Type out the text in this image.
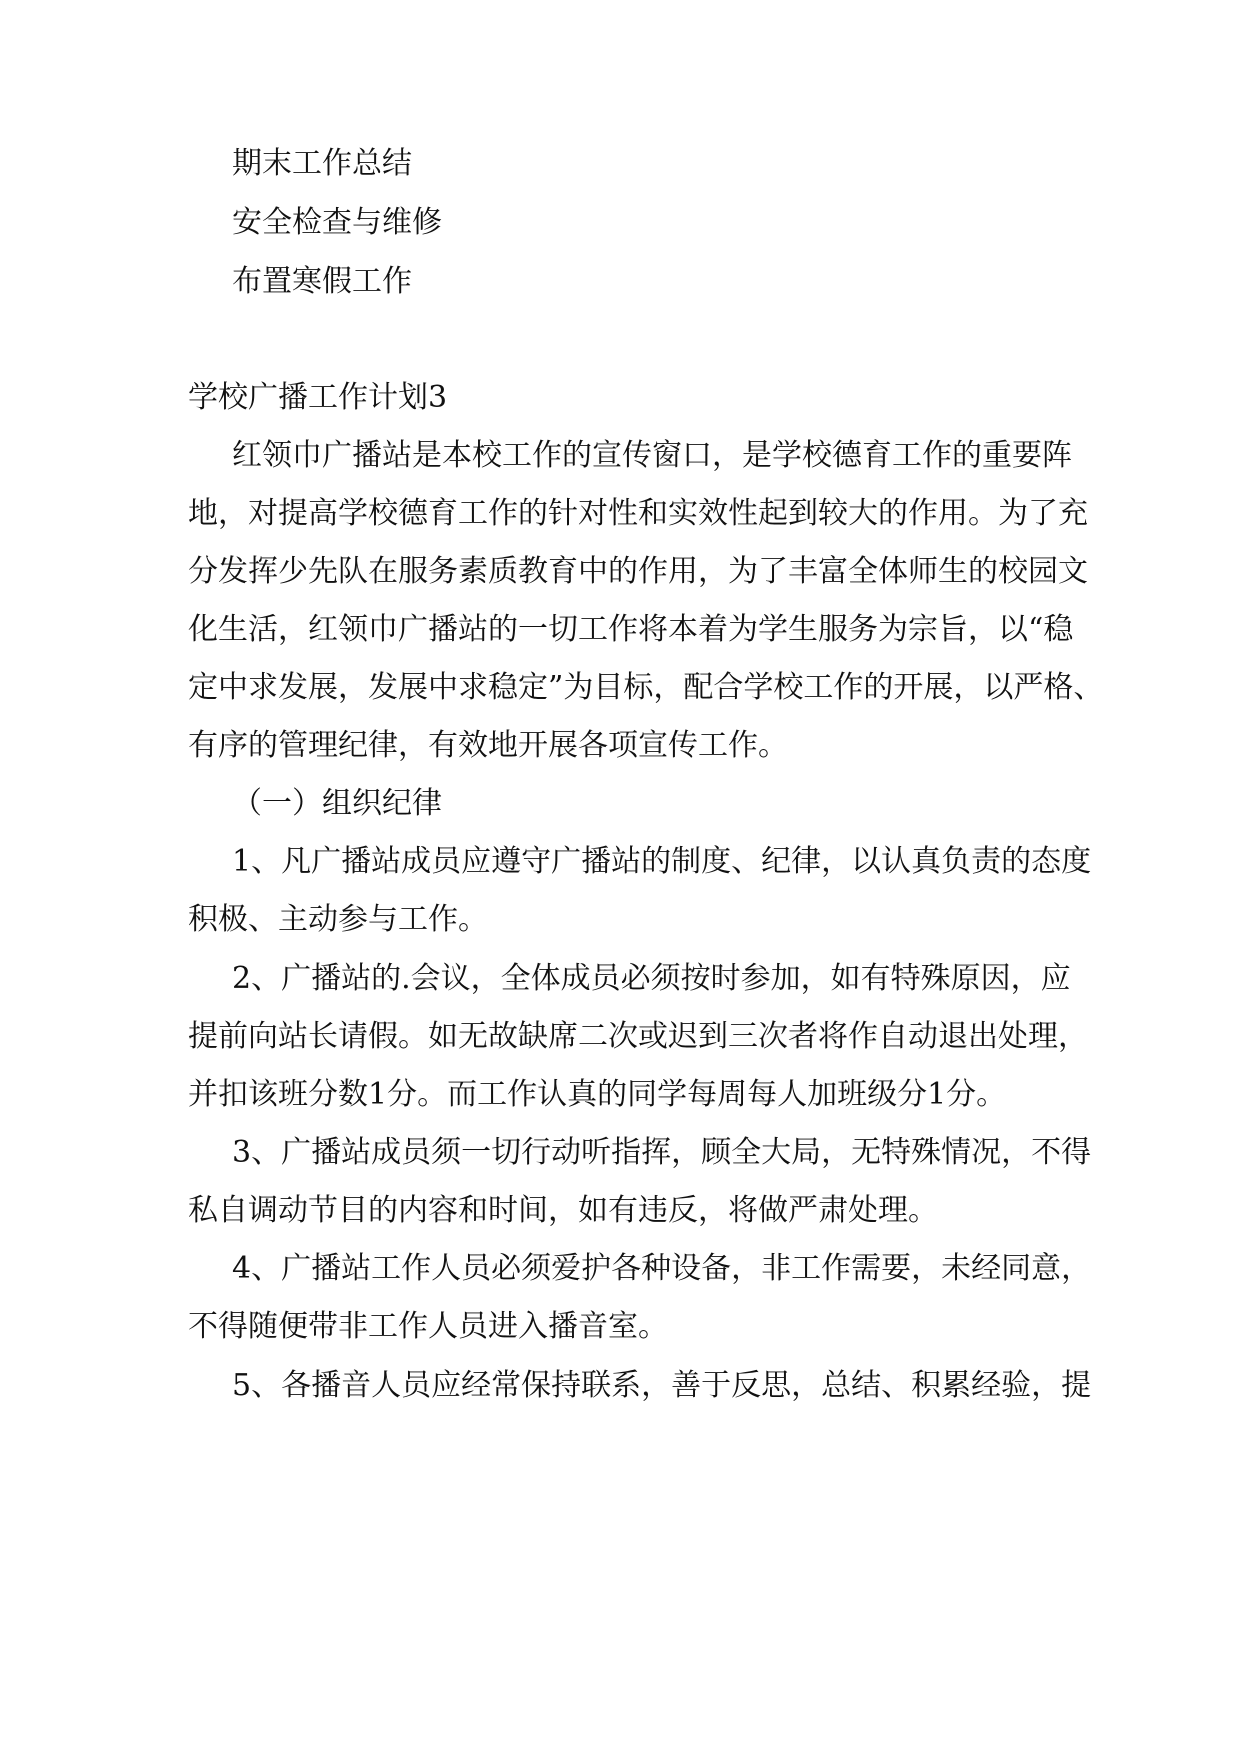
期末工作总结
安全检查与维修
布置寒假工作
学校广播工作计划3
红领巾广播站是本校工作的宣传窗口，是学校德育工作的重要阵
地，对提高学校德育工作的针对性和实效性起到较大的作用。为了充
分发挥少先队在服务素质教育中的作用，为了丰富全体师生的校园文
化生活，红领巾广播站的一切工作将本着为学生服务为宗旨，以“稳
定中求发展，发展中求稳定”为目标，配合学校工作的开展，以严格、
有序的管理纪律，有效地开展各项宣传工作。
（一）组织纪律
1、凡广播站成员应遵守广播站的制度、纪律，以认真负责的态度
积极、主动参与工作。
2、广播站的.会议，全体成员必须按时参加，如有特殊原因，应
提前向站长请假。如无故缺席二次或迟到三次者将作自动退出处理，
并扣该班分数1分。而工作认真的同学每周每人加班级分1分。
3、广播站成员须一切行动听指挥，顾全大局，无特殊情况，不得
私自调动节目的内容和时间，如有违反，将做严肃处理。
4、广播站工作人员必须爱护各种设备，非工作需要，未经同意，
不得随便带非工作人员进入播音室。
5、各播音人员应经常保持联系，善于反思，总结、积累经验，提
